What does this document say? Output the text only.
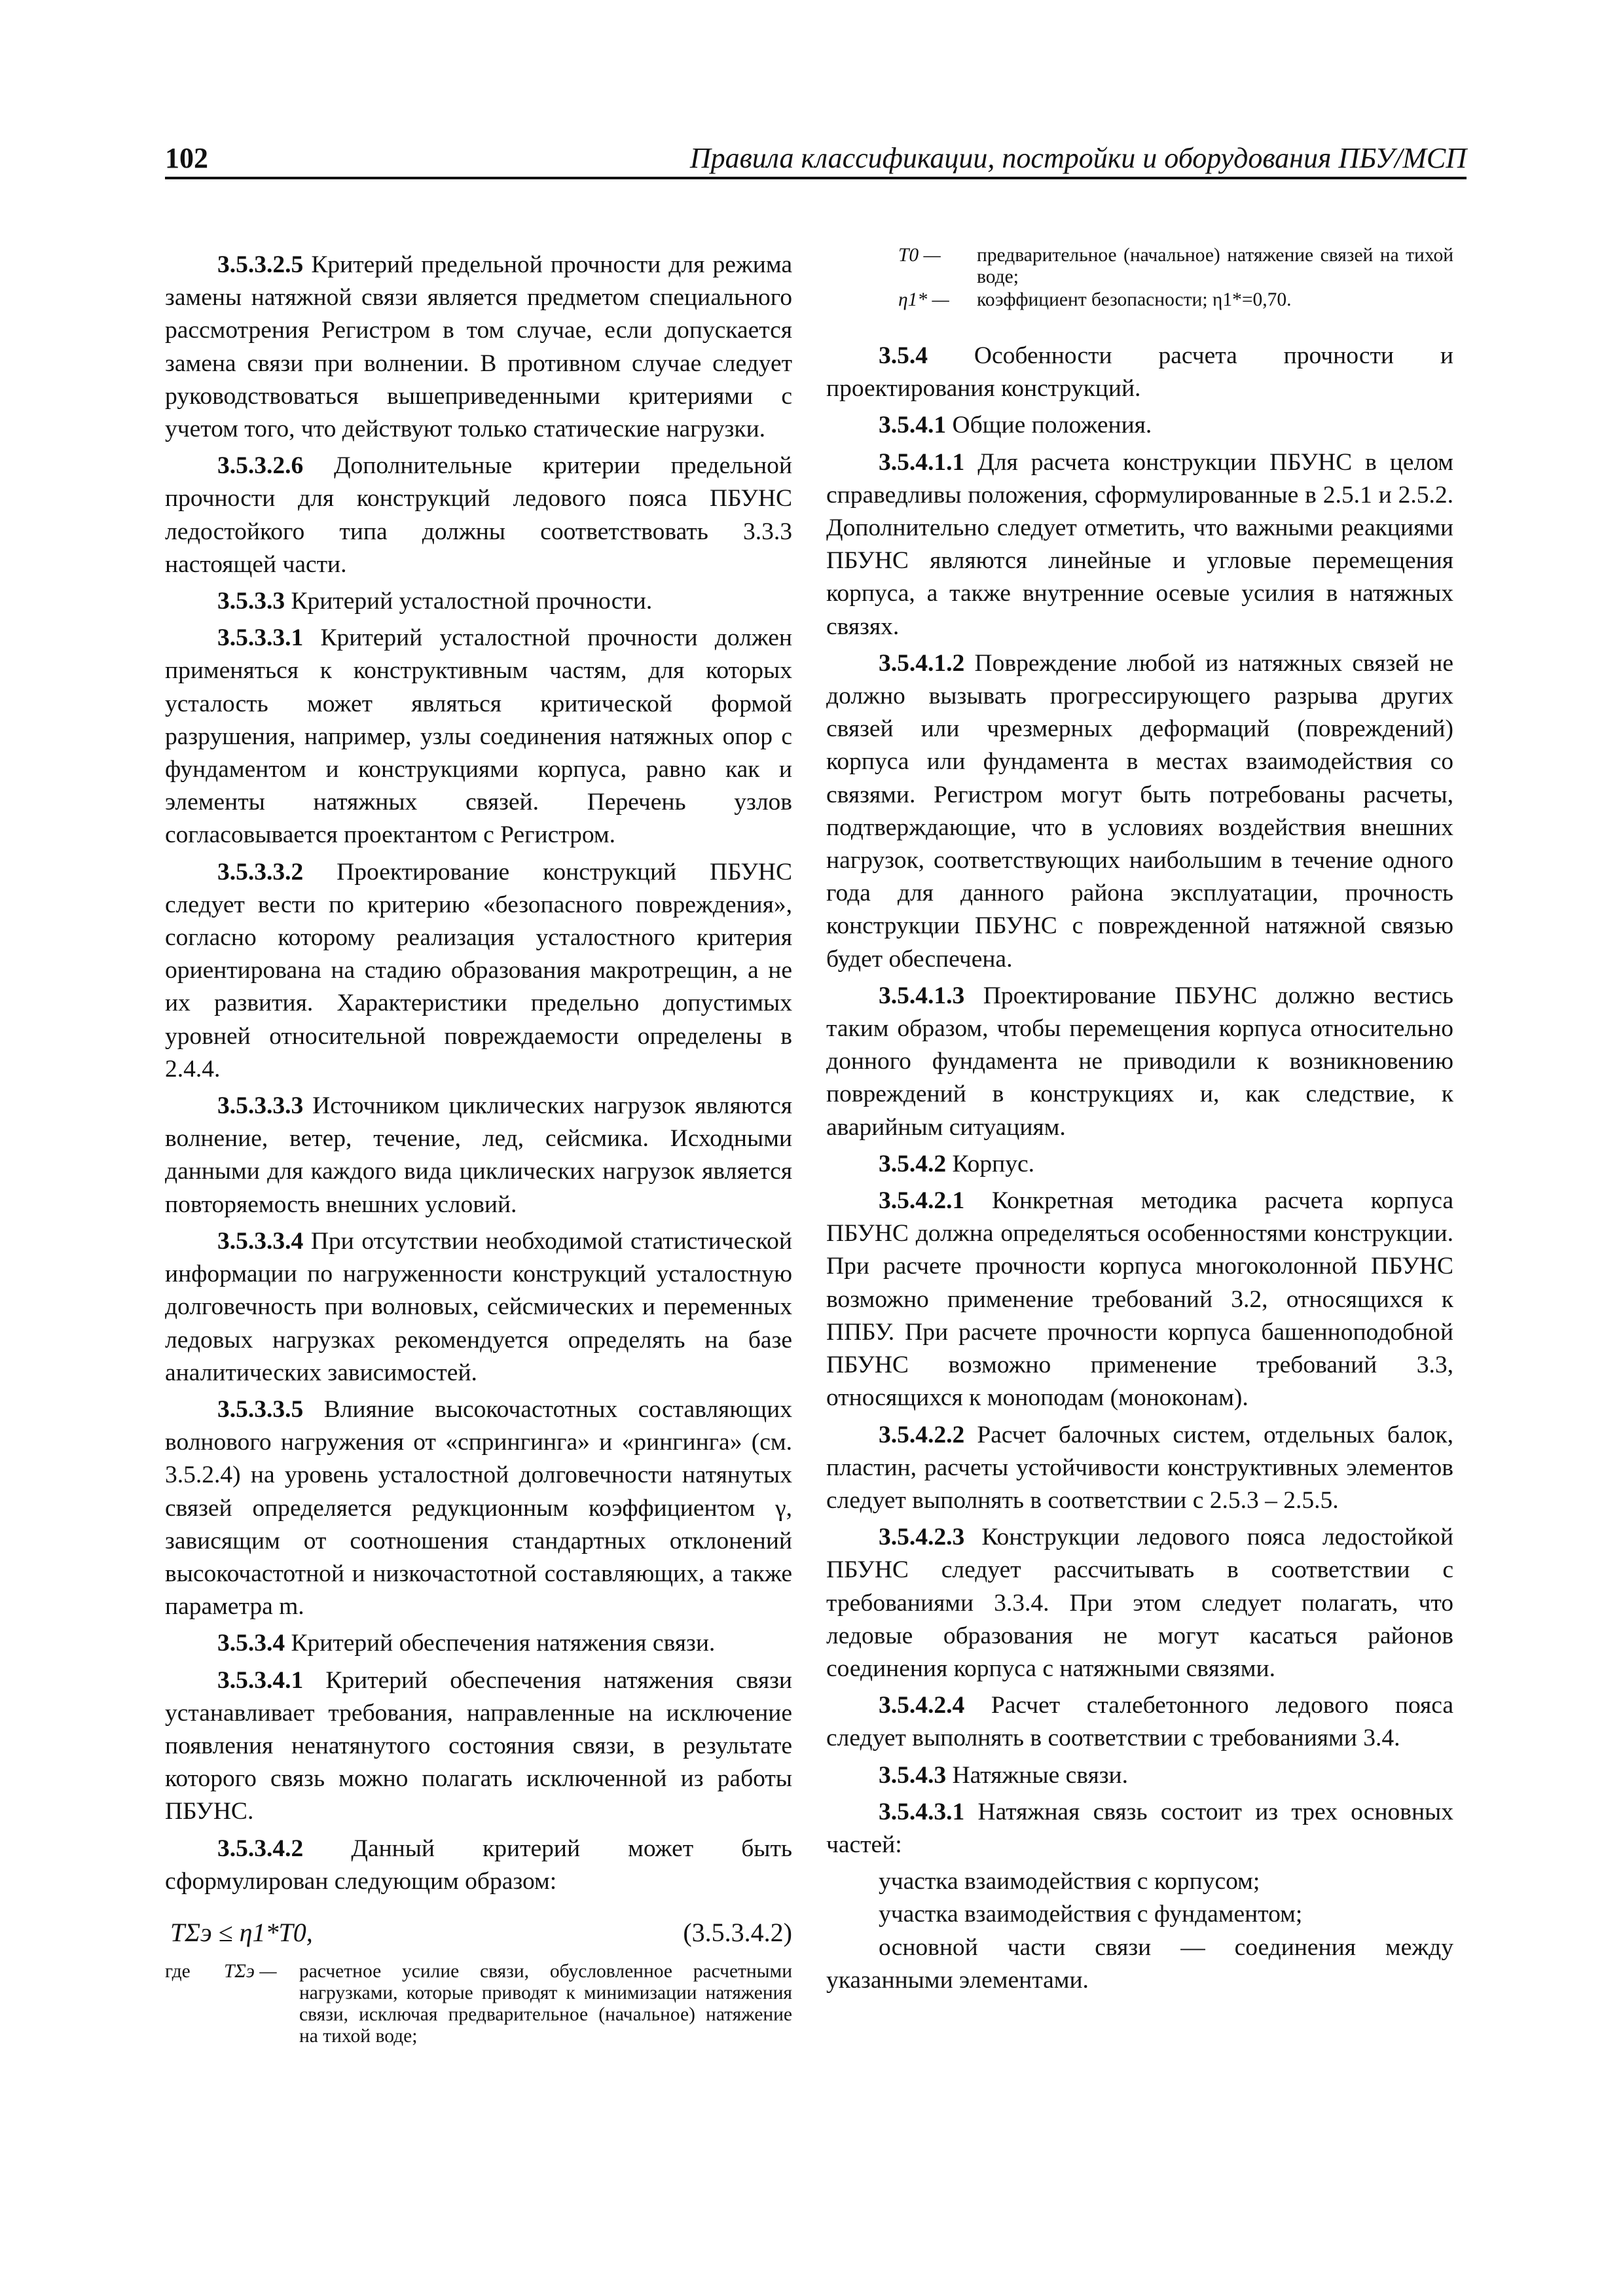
102	Правила классификации, постройки и оборудования ПБУ/МСП

3.5.3.2.5 Критерий предельной прочности для режима замены натяжной связи является предметом специального рассмотрения Регистром в том случае, если допускается замена связи при волнении. В противном случае следует руководствоваться вышеприведенными критериями с учетом того, что действуют только статические нагрузки.

3.5.3.2.6 Дополнительные критерии предельной прочности для конструкций ледового пояса ПБУНС ледостойкого типа должны соответствовать 3.3.3 настоящей части.

3.5.3.3 Критерий усталостной прочности.

3.5.3.3.1 Критерий усталостной прочности должен применяться к конструктивным частям, для которых усталость может являться критической формой разрушения, например, узлы соединения натяжных опор с фундаментом и конструкциями корпуса, равно как и элементы натяжных связей. Перечень узлов согласовывается проектантом с Регистром.

3.5.3.3.2 Проектирование конструкций ПБУНС следует вести по критерию «безопасного повреждения», согласно которому реализация усталостного критерия ориентирована на стадию образования макротрещин, а не их развития. Характеристики предельно допустимых уровней относительной повреждаемости определены в 2.4.4.

3.5.3.3.3 Источником циклических нагрузок являются волнение, ветер, течение, лед, сейсмика. Исходными данными для каждого вида циклических нагрузок является повторяемость внешних условий.

3.5.3.3.4 При отсутствии необходимой статистической информации по нагруженности конструкций усталостную долговечность при волновых, сейсмических и переменных ледовых нагрузках рекомендуется определять на базе аналитических зависимостей.

3.5.3.3.5 Влияние высокочастотных составляющих волнового нагружения от «спрингинга» и «рингинга» (см. 3.5.2.4) на уровень усталостной долговечности натянутых связей определяется редукционным коэффициентом γ, зависящим от соотношения стандартных отклонений высокочастотной и низкочастотной составляющих, а также параметра m.

3.5.3.4 Критерий обеспечения натяжения связи.

3.5.3.4.1 Критерий обеспечения натяжения связи устанавливает требования, направленные на исключение появления ненатянутого состояния связи, в результате которого связь можно полагать исключенной из работы ПБУНС.

3.5.3.4.2 Данный критерий может быть сформулирован следующим образом:

TΣэ ≤ η1*T0,	(3.5.3.4.2)
где	TΣэ —	расчетное усилие связи, обусловленное расчетными нагрузками, которые приводят к минимизации натяжения связи, исключая предварительное (начальное) натяжение на тихой воде;
T0 —	предварительное (начальное) натяжение связей на тихой воде;
η1* —	коэффициент безопасности; η1*=0,70.

3.5.4 Особенности расчета прочности и проектирования конструкций.

3.5.4.1 Общие положения.

3.5.4.1.1 Для расчета конструкции ПБУНС в целом справедливы положения, сформулированные в 2.5.1 и 2.5.2. Дополнительно следует отметить, что важными реакциями ПБУНС являются линейные и угловые перемещения корпуса, а также внутренние осевые усилия в натяжных связях.

3.5.4.1.2 Повреждение любой из натяжных связей не должно вызывать прогрессирующего разрыва других связей или чрезмерных деформаций (повреждений) корпуса или фундамента в местах взаимодействия со связями. Регистром могут быть потребованы расчеты, подтверждающие, что в условиях воздействия внешних нагрузок, соответствующих наибольшим в течение одного года для данного района эксплуатации, прочность конструкции ПБУНС с поврежденной натяжной связью будет обеспечена.

3.5.4.1.3 Проектирование ПБУНС должно вестись таким образом, чтобы перемещения корпуса относительно донного фундамента не приводили к возникновению повреждений в конструкциях и, как следствие, к аварийным ситуациям.

3.5.4.2 Корпус.

3.5.4.2.1 Конкретная методика расчета корпуса ПБУНС должна определяться особенностями конструкции. При расчете прочности корпуса многоколонной ПБУНС возможно применение требований 3.2, относящихся к ППБУ. При расчете прочности корпуса башенноподобной ПБУНС возможно применение требований 3.3, относящихся к моноподам (моноконам).

3.5.4.2.2 Расчет балочных систем, отдельных балок, пластин, расчеты устойчивости конструктивных элементов следует выполнять в соответствии с 2.5.3 – 2.5.5.

3.5.4.2.3 Конструкции ледового пояса ледостойкой ПБУНС следует рассчитывать в соответствии с требованиями 3.3.4. При этом следует полагать, что ледовые образования не могут касаться районов соединения корпуса с натяжными связями.

3.5.4.2.4 Расчет сталебетонного ледового пояса следует выполнять в соответствии с требованиями 3.4.

3.5.4.3 Натяжные связи.

3.5.4.3.1 Натяжная связь состоит из трех основных частей:

участка взаимодействия с корпусом;

участка взаимодействия с фундаментом;

основной части связи — соединения между указанными элементами.
